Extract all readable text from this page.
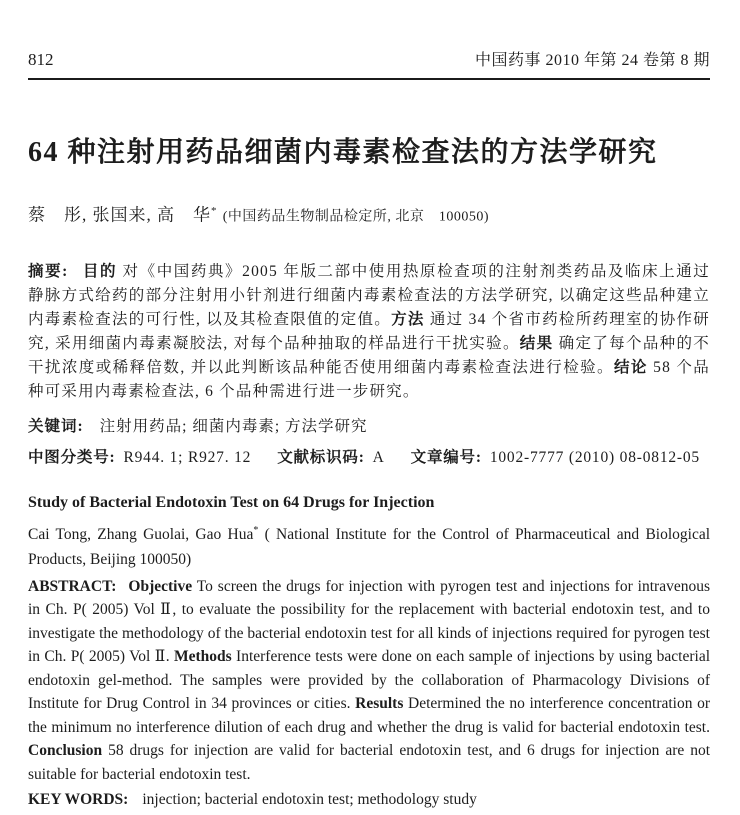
812	中国药事 2010 年第 24 卷第 8 期
64 种注射用药品细菌内毒素检查法的方法学研究

蔡　彤, 张国来, 高　华* (中国药品生物制品检定所, 北京　100050)

摘要: 目的 对《中国药典》2005 年版二部中使用热原检查项的注射剂类药品及临床上通过静脉方式给药的部分注射用小针剂进行细菌内毒素检查法的方法学研究, 以确定这些品种建立内毒素检查法的可行性, 以及其检查限值的定值。方法 通过 34 个省市药检所药理室的协作研究, 采用细菌内毒素凝胶法, 对每个品种抽取的样品进行干扰实验。结果 确定了每个品种的不干扰浓度或稀释倍数, 并以此判断该品种能否使用细菌内毒素检查法进行检验。结论 58 个品种可采用内毒素检查法, 6 个品种需进行进一步研究。

关键词: 注射用药品; 细菌内毒素; 方法学研究

中图分类号: R944. 1; R927. 12 文献标识码: A 文章编号: 1002-7777 (2010) 08-0812-05

Study of Bacterial Endotoxin Test on 64 Drugs for Injection

Cai Tong, Zhang Guolai, Gao Hua* ( National Institute for the Control of Pharmaceutical and Biological Products, Beijing 100050)

ABSTRACT: Objective To screen the drugs for injection with pyrogen test and injections for intravenous in Ch. P( 2005) Vol Ⅱ, to evaluate the possibility for the replacement with bacterial endotoxin test, and to investigate the methodology of the bacterial endotoxin test for all kinds of injections required for pyrogen test in Ch. P( 2005) Vol Ⅱ. Methods Interference tests were done on each sample of injections by using bacterial endotoxin gel-method. The samples were provided by the collaboration of Pharmacology Divisions of Institute for Drug Control in 34 provinces or cities. Results Determined the no interference concentration or the minimum no interference dilution of each drug and whether the drug is valid for bacterial endotoxin test. Conclusion 58 drugs for injection are valid for bacterial endotoxin test, and 6 drugs for injection are not suitable for bacterial endotoxin test.

KEY WORDS: injection; bacterial endotoxin test; methodology study
